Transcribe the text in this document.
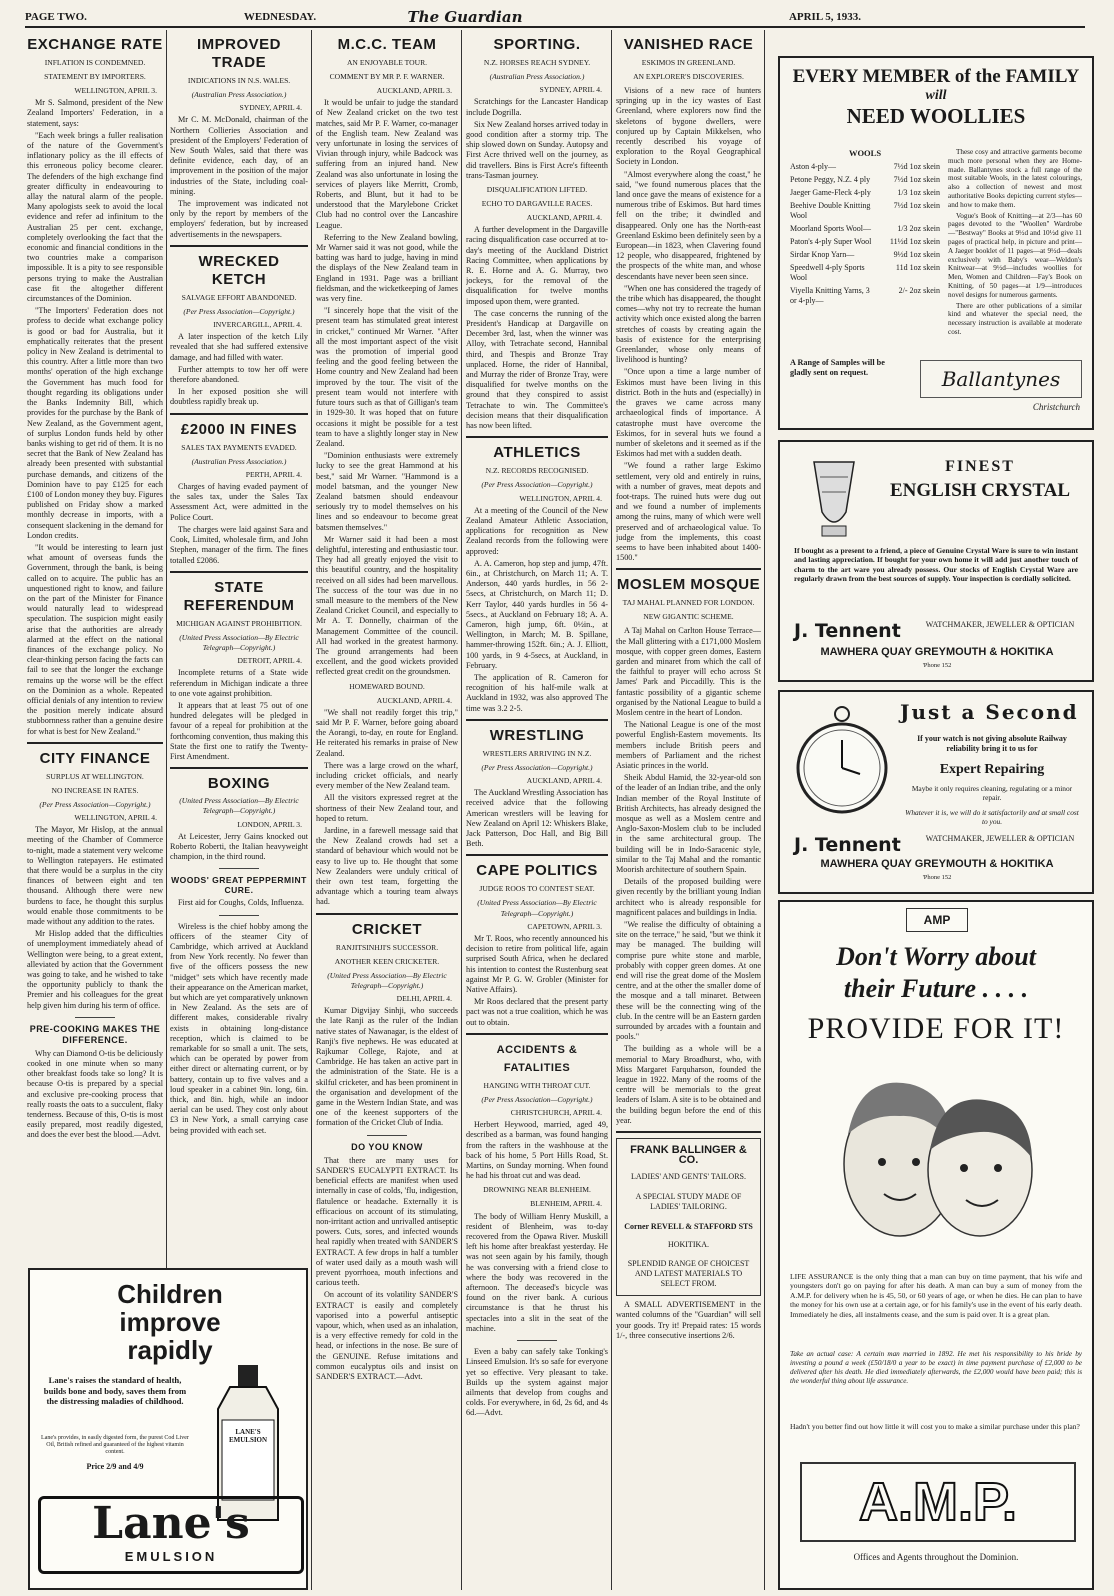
PAGE TWO.	WEDNESDAY.	The Guardian	APRIL 5, 1933.
EXCHANGE RATE
INFLATION IS CONDEMNED.
STATEMENT BY IMPORTERS.
WELLINGTON, APRIL 3.

Mr S. Salmond, president of the New Zealand Importers' Federation, in a statement, says:

"Each week brings a fuller realisation of the nature of the Government's inflationary policy as the ill effects of this erroneous policy become clearer. The defenders of the high exchange find greater difficulty in endeavouring to allay the natural alarm of the people. Many apologists seek to avoid the local evidence and refer ad infinitum to the Australian 25 per cent. exchange, completely overlooking the fact that the economic and financial conditions in the two countries make a comparison impossible. It is a pity to see responsible persons trying to make the Australian case fit the altogether different circumstances of the Dominion.

"The Importers' Federation does not profess to decide what exchange policy is good or bad for Australia, but it emphatically reiterates that the present policy in New Zealand is detrimental to this country. After a little more than two months' operation of the high exchange the Government has much food for thought regarding its obligations under the Banks Indemnity Bill, which provides for the purchase by the Bank of New Zealand, as the Government agent, of surplus London funds held by other banks wishing to get rid of them. It is no secret that the Bank of New Zealand has already been presented with substantial purchase demands, and citizens of the Dominion have to pay £125 for each £100 of London money they buy. Figures published on Friday show a marked monthly decrease in imports, with a consequent slackening in the demand for London credits.

"It would be interesting to learn just what amount of overseas funds the Government, through the bank, is being called on to acquire. The public has an unquestioned right to know, and failure on the part of the Minister for Finance would naturally lead to widespread speculation. The suspicion might easily arise that the authorities are already alarmed at the effect on the national finances of the exchange policy. No clear-thinking person facing the facts can fail to see that the longer the exchange remains up the worse will be the effect on the Dominion as a whole. Repeated official denials of any intention to review the position merely indicate absurd stubbornness rather than a genuine desire for what is best for New Zealand."

CITY FINANCE
SURPLUS AT WELLINGTON.
NO INCREASE IN RATES.
(Per Press Association—Copyright.)
WELLINGTON, APRIL 4.

The Mayor, Mr Hislop, at the annual meeting of the Chamber of Commerce to-night, made a statement very welcome to Wellington ratepayers. He estimated that there would be a surplus in the city finances of between eight and ten thousand. Although there were new burdens to face, he thought this surplus would enable those commitments to be made without any addition to the rates.

Mr Hislop added that the difficulties of unemployment immediately ahead of Wellington were being, to a great extent, alleviated by action that the Government was going to take, and he wished to take the opportunity publicly to thank the Premier and his colleagues for the great help given him during his term of office.

PRE-COOKING MAKES THE DIFFERENCE.

Why can Diamond O-tis be deliciously cooked in one minute when so many other breakfast foods take so long? It is because O-tis is prepared by a special and exclusive pre-cooking process that really roasts the oats to a succulent, flaky tenderness. Because of this, O-tis is most easily prepared, most readily digested, and does the ever best the blood.—Advt.

IMPROVED TRADE
INDICATIONS IN N.S. WALES.
(Australian Press Association.)
SYDNEY, APRIL 4.

Mr C. M. McDonald, chairman of the Northern Collieries Association and president of the Employers' Federation of New South Wales, said that there was definite evidence, each day, of an improvement in the position of the major industries of the State, including coal-mining.

The improvement was indicated not only by the report by members of the employers' federation, but by increased advertisements in the newspapers.

WRECKED KETCH
SALVAGE EFFORT ABANDONED.
(Per Press Association—Copyright.)
INVERCARGILL, APRIL 4.

A later inspection of the ketch Lily revealed that she had suffered extensive damage, and had filled with water.

Further attempts to tow her off were therefore abandoned.

In her exposed position she will doubtless rapidly break up.

£2000 IN FINES
SALES TAX PAYMENTS EVADED.
(Australian Press Association.)
PERTH, APRIL 4.

Charges of having evaded payment of the sales tax, under the Sales Tax Assessment Act, were admitted in the Police Court.

The charges were laid against Sara and Cook, Limited, wholesale firm, and John Stephen, manager of the firm. The fines totalled £2086.

STATE REFERENDUM
MICHIGAN AGAINST PROHIBITION.
(United Press Association—By Electric Telegraph—Copyright.)
DETROIT, APRIL 4.

Incomplete returns of a State wide referendum in Michigan indicate a three to one vote against prohibition.

It appears that at least 75 out of one hundred delegates will be pledged in favour of a repeal for prohibition at the forthcoming convention, thus making this State the first one to ratify the Twenty-First Amendment.

BOXING
(United Press Association—By Electric Telegraph—Copyright.)
LONDON, APRIL 3.

At Leicester, Jerry Gains knocked out Roberto Roberti, the Italian heavyweight champion, in the third round.

WOODS' GREAT PEPPERMINT CURE.

First aid for Coughs, Colds, Influenza.

Wireless is the chief hobby among the officers of the steamer City of Cambridge, which arrived at Auckland from New York recently. No fewer than five of the officers possess the new "midget" sets which have recently made their appearance on the American market, but which are yet comparatively unknown in New Zealand. As the sets are of different makes, considerable rivalry exists in obtaining long-distance reception, which is claimed to be remarkable for so small a unit. The sets, which can be operated by power from either direct or alternating current, or by battery, contain up to five valves and a loud speaker in a cabinet 9in. long, 6in. thick, and 8in. high, while an indoor aerial can be used. They cost only about £3 in New York, a small carrying case being provided with each set.

Children
improve
rapidly
Lane's raises the standard of health, builds bone and body, saves them from the distressing maladies of childhood.
Lane's provides, in easily digested form, the purest Cod Liver Oil, British refined and guaranteed of the highest vitamin content.
Price 2/9 and 4/9
LANE'S EMULSION
Lane's
EMULSION
M.C.C. TEAM
AN ENJOYABLE TOUR.
COMMENT BY MR P. F. WARNER.
AUCKLAND, APRIL 3.

It would be unfair to judge the standard of New Zealand cricket on the two test matches, said Mr P. F. Warner, co-manager of the English team. New Zealand was very unfortunate in losing the services of Vivian through injury, while Badcock was suffering from an injured hand. New Zealand was also unfortunate in losing the services of players like Merritt, Cromb, Roberts, and Blunt, but it had to be understood that the Marylebone Cricket Club had no control over the Lancashire League.

Referring to the New Zealand bowling, Mr Warner said it was not good, while the batting was hard to judge, having in mind the displays of the New Zealand team in England in 1931. Page was a brilliant fieldsman, and the wicketkeeping of James was very fine.

"I sincerely hope that the visit of the present team has stimulated great interest in cricket," continued Mr Warner. "After all the most important aspect of the visit was the promotion of imperial good feeling and the good feeling between the Home country and New Zealand had been improved by the tour. The visit of the present team would not interfere with future tours such as that of Gilligan's team in 1929-30. It was hoped that on future occasions it might be possible for a test team to have a slightly longer stay in New Zealand.

"Dominion enthusiasts were extremely lucky to see the great Hammond at his best," said Mr Warner. "Hammond is a model batsman, and the younger New Zealand batsmen should endeavour seriously try to model themselves on his lines and so endeavour to become great batsmen themselves."

Mr Warner said it had been a most delightful, interesting and enthusiastic tour. They had all greatly enjoyed the visit to this beautiful country, and the hospitality received on all sides had been marvellous. The success of the tour was due in no small measure to the members of the New Zealand Cricket Council, and especially to Mr A. T. Donnelly, chairman of the Management Committee of the council. All had worked in the greatest harmony. The ground arrangements had been excellent, and the good wickets provided reflected great credit on the groundsmen.

HOMEWARD BOUND.
AUCKLAND, APRIL 4.

"We shall not readily forget this trip," said Mr P. F. Warner, before going aboard the Aorangi, to-day, en route for England. He reiterated his remarks in praise of New Zealand.

There was a large crowd on the wharf, including cricket officials, and nearly every member of the New Zealand team.

All the visitors expressed regret at the shortness of their New Zealand tour, and hoped to return.

Jardine, in a farewell message said that the New Zealand crowds had set a standard of behaviour which would not be easy to live up to. He thought that some New Zealanders were unduly critical of their own test team, forgetting the advantage which a touring team always had.

CRICKET
RANJITSINHJI'S SUCCESSOR.
ANOTHER KEEN CRICKETER.
(United Press Association—By Electric Telegraph—Copyright.)
DELHI, APRIL 4.

Kumar Digvijay Sinhji, who succeeds the late Ranji as the ruler of the Indian native states of Nawanagar, is the eldest of Ranji's five nephews. He was educated at Rajkumar College, Rajote, and at Cambridge. He has taken an active part in the administration of the State. He is a skilful cricketer, and has been prominent in the organisation and development of the game in the Western Indian State, and was one of the keenest supporters of the formation of the Cricket Club of India.

DO YOU KNOW

That there are many uses for SANDER'S EUCALYPTI EXTRACT. Its beneficial effects are manifest when used internally in case of colds, 'flu, indigestion, flatulence or headache. Externally it is efficacious on account of its stimulating, non-irritant action and unrivalled antiseptic powers. Cuts, sores, and infected wounds heal rapidly when treated with SANDER'S EXTRACT. A few drops in half a tumbler of water used daily as a mouth wash will prevent pyorrhoea, mouth infections and carious teeth.

On account of its volatility SANDER'S EXTRACT is easily and completely vaporised into a powerful antiseptic vapour, which, when used as an inhalation, is a very effective remedy for cold in the head, or infections in the nose. Be sure of the GENUINE. Refuse imitations and common eucalyptus oils and insist on SANDER'S EXTRACT.—Advt.

SPORTING.
N.Z. HORSES REACH SYDNEY.
(Australian Press Association.)
SYDNEY, APRIL 4.

Scratchings for the Lancaster Handicap include Dogrilla.

Six New Zealand horses arrived today in good condition after a stormy trip. The ship slowed down on Sunday. Autopsy and First Acre thrived well on the journey, as did travellers. Bins is First Acre's fifteenth trans-Tasman journey.

DISQUALIFICATION LIFTED.
ECHO TO DARGAVILLE RACES.
AUCKLAND, APRIL 4.

A further development in the Dargaville racing disqualification case occurred at to-day's meeting of the Auckland District Racing Committee, when applications by R. E. Horne and A. G. Murray, two jockeys, for the removal of the disqualification for twelve months imposed upon them, were granted.

The case concerns the running of the President's Handicap at Dargaville on December 3rd, last, when the winner was Alloy, with Tetrachate second, Hannibal third, and Thespis and Bronze Tray unplaced. Horne, the rider of Hannibal, and Murray the rider of Bronze Tray, were disqualified for twelve months on the ground that they conspired to assist Tetrachate to win. The Committee's decision means that their disqualification has now been lifted.

ATHLETICS
N.Z. RECORDS RECOGNISED.
(Per Press Association—Copyright.)
WELLINGTON, APRIL 4.

At a meeting of the Council of the New Zealand Amateur Athletic Association, applications for recognition as New Zealand records from the following were approved:

A. A. Cameron, hop step and jump, 47ft. 6in., at Christchurch, on March 11; A. T. Anderson, 440 yards hurdles, in 56 2-5secs, at Christchurch, on March 11; D. Kerr Taylor, 440 yards hurdles in 56 4-5secs., at Auckland on February 18; A. A. Cameron, high jump, 6ft. 0½in., at Wellington, in March; M. B. Spillane, hammer-throwing 152ft. 6in.; A. J. Elliott, 100 yards, in 9 4-5secs, at Auckland, in February.

The application of R. Cameron for recognition of his half-mile walk at Auckland in 1932, was also approved The time was 3.2 2-5.

WRESTLING
WRESTLERS ARRIVING IN N.Z.
(Per Press Association—Copyright.)
AUCKLAND, APRIL 4.

The Auckland Wrestling Association has received advice that the following American wrestlers will be leaving for New Zealand on April 12: Whiskers Blake, Jack Patterson, Doc Hall, and Big Bill Beth.

CAPE POLITICS
JUDGE ROOS TO CONTEST SEAT.
(United Press Association—By Electric Telegraph—Copyright.)
CAPETOWN, APRIL 3.

Mr T. Roos, who recently announced his decision to retire from political life, again surprised South Africa, when he declared his intention to contest the Rustenburg seat against Mr P. G. W. Grobler (Minister for Native Affairs).

Mr Roos declared that the present party pact was not a true coalition, which he was out to obtain.

ACCIDENTS & FATALITIES
HANGING WITH THROAT CUT.
(Per Press Association—Copyright.)
CHRISTCHURCH, APRIL 4.

Herbert Heywood, married, aged 49, described as a barman, was found hanging from the rafters in the washhouse at the back of his home, 5 Port Hills Road, St. Martins, on Sunday morning. When found he had his throat cut and was dead.

DROWNING NEAR BLENHEIM.
BLENHEIM, APRIL 4.

The body of William Henry Muskill, a resident of Blenheim, was to-day recovered from the Opawa River. Muskill left his home after breakfast yesterday. He was not seen again by his family, though he was conversing with a friend close to where the body was recovered in the afternoon. The deceased's bicycle was found on the river bank. A curious circumstance is that he thrust his spectacles into a slit in the seat of the machine.

Even a baby can safely take Tonking's Linseed Emulsion. It's so safe for everyone yet so effective. Very pleasant to take. Builds up the system against major ailments that develop from coughs and colds. For everywhere, in 6d, 2s 6d, and 4s 6d.—Advt.

VANISHED RACE
ESKIMOS IN GREENLAND.
AN EXPLORER'S DISCOVERIES.

Visions of a new race of hunters springing up in the icy wastes of East Greenland, where explorers now find the skeletons of bygone dwellers, were conjured up by Captain Mikkelsen, who recently described his voyage of exploration to the Royal Geographical Society in London.

"Almost everywhere along the coast," he said, "we found numerous places that the land once gave the means of existence for a numerous tribe of Eskimos. But hard times fell on the tribe; it dwindled and disappeared. Only one has the North-east Greenland Eskimo been definitely seen by a European—in 1823, when Clavering found 12 people, who disappeared, frightened by the prospects of the white man, and whose descendants have never been seen since.

"When one has considered the tragedy of the tribe which has disappeared, the thought comes—why not try to recreate the human activity which once existed along the barren stretches of coasts by creating again the basis of existence for the enterprising Greenlander, whose only means of livelihood is hunting?

"Once upon a time a large number of Eskimos must have been living in this district. Both in the huts and (especially) in the graves we came across many archaeological finds of importance. A catastrophe must have overcome the Eskimos, for in several huts we found a number of skeletons and it seemed as if the Eskimos had met with a sudden death.

"We found a rather large Eskimo settlement, very old and entirely in ruins, with a number of graves, meat depots and foot-traps. The ruined huts were dug out and we found a number of implements among the ruins, many of which were well preserved and of archaeological value. To judge from the implements, this coast seems to have been inhabited about 1400-1500."

MOSLEM MOSQUE
TAJ MAHAL PLANNED FOR LONDON.
NEW GIGANTIC SCHEME.

A Taj Mahal on Carlton House Terrace—the Mall glittering with a £171,000 Moslem mosque, with copper green domes, Eastern garden and minaret from which the call of the faithful to prayer will echo across St James' Park and Piccadilly. This is the fantastic possibility of a gigantic scheme organised by the National League to build a Moslem centre in the heart of London.

The National League is one of the most powerful English-Eastern movements. Its members include British peers and members of Parliament and the richest Asiatic princes in the world.

Sheik Abdul Hamid, the 32-year-old son of the leader of an Indian tribe, and the only Indian member of the Royal Institute of British Architects, has already designed the mosque as well as a Moslem centre and Anglo-Saxon-Moslem club to be included in the same architectural group. The building will be in Indo-Saracenic style, similar to the Taj Mahal and the romantic Moorish architecture of southern Spain.

Details of the proposed building were given recently by the brilliant young Indian architect who is already responsible for magnificent palaces and buildings in India.

"We realise the difficulty of obtaining a site on the terrace," he said, "but we think it may be managed. The building will comprise pure white stone and marble, probably with copper green domes. At one end will rise the great dome of the Moslem centre, and at the other the smaller dome of the mosque and a tall minaret. Between these will be the connecting wing of the club. In the centre will be an Eastern garden surrounded by arcades with a fountain and pools."

The building as a whole will be a memorial to Mary Broadhurst, who, with Miss Margaret Farquharson, founded the league in 1922. Many of the rooms of the centre will be memorials to the great leaders of Islam. A site is to be obtained and the building begun before the end of this year.

FRANK BALLINGER & CO.
LADIES' AND GENTS' TAILORS.
A SPECIAL STUDY MADE OF
LADIES' TAILORING.
Corner REVELL & STAFFORD STS
HOKITIKA.
SPLENDID RANGE OF CHOICEST AND LATEST MATERIALS TO SELECT FROM.

A SMALL ADVERTISEMENT in the wanted columns of the "Guardian" will sell your goods. Try it! Prepaid rates: 15 words 1/-, three consecutive insertions 2/6.

EVERY MEMBER of the FAMILY
will
NEED WOOLLIES
WOOLS
Aston 4-ply—	7½d 1oz skein
Petone Peggy, N.Z. 4 ply	7½d 1oz skein
Jaeger Game-Fleck 4-ply	1/3 1oz skein
Beehive Double Knitting Wool
7½d 1oz skein
Moorland Sports Wool—	1/3 2oz skein
Paton's 4-ply Super Wool	11½d 1oz skein
Sirdar Knop Yarn—	9½d 1oz skein
Speedwell 4-ply Sports Wool
11d 1oz skein
Viyella Knitting Yarns, 3 or 4-ply—
2/- 2oz skein

These cosy and attractive garments become much more personal when they are Home-made. Ballantynes stock a full range of the most suitable Wools, in the latest colourings, also a collection of newest and most authoritative Books depicting current styles—and how to make them.

Vogue's Book of Knitting—at 2/3—has 60 pages devoted to the "Woollen" Wardrobe—"Bestway" Books at 9½d and 10½d give 11 pages of practical help, in picture and print—A Jaeger booklet of 11 pages—at 9½d—deals exclusively with Baby's wear—Weldon's Knitwear—at 9½d—includes woollies for Men, Women and Children—Fay's Book on Knitting, of 50 pages—at 1/9—introduces novel designs for numerous garments.

There are other publications of a similar kind and whatever the special need, the necessary instruction is available at moderate cost.

A Range of Samples will be gladly sent on request.	Ballantynes
Christchurch
FINEST
ENGLISH CRYSTAL
If bought as a present to a friend, a piece of Genuine Crystal Ware is sure to win instant and lasting appreciation. If bought for your own home it will add just another touch of charm to the art ware you already possess. Our stocks of English Crystal Ware are regularly drawn from the best sources of supply. Your inspection is cordially solicited.
J. Tennent	WATCHMAKER, JEWELLER & OPTICIAN
MAWHERA QUAY GREYMOUTH & HOKITIKA
'Phone 152
Just a Second
If your watch is not giving absolute Railway reliability bring it to us for
Expert Repairing
Maybe it only requires cleaning, regulating or a minor repair.
Whatever it is, we will do it satisfactorily and at small cost to you.
J. Tennent	WATCHMAKER, JEWELLER & OPTICIAN
MAWHERA QUAY GREYMOUTH & HOKITIKA
'Phone 152
AMP
Don't Worry about
their Future . . . .
PROVIDE FOR IT!
LIFE ASSURANCE is the only thing that a man can buy on time payment, that his wife and youngsters don't go on paying for after his death. A man can buy a sum of money from the A.M.P. for delivery when he is 45, 50, or 60 years of age, or when he dies. He can plan to have the money for his own use at a certain age, or for his family's use in the event of his early death. Immediately he dies, all instalments cease, and the sum is paid over. It is a great plan.
Take an actual case: A certain man married in 1892. He met his responsibility to his bride by investing a pound a week (£50/18/0 a year to be exact) in time payment purchase of £2,000 to be delivered after his death. He died immediately afterwards, the £2,000 would have been paid; this is the wonderful thing about life assurance.
Hadn't you better find out how little it will cost you to make a similar purchase under this plan?
A.M.P.
Offices and Agents throughout the Dominion.
